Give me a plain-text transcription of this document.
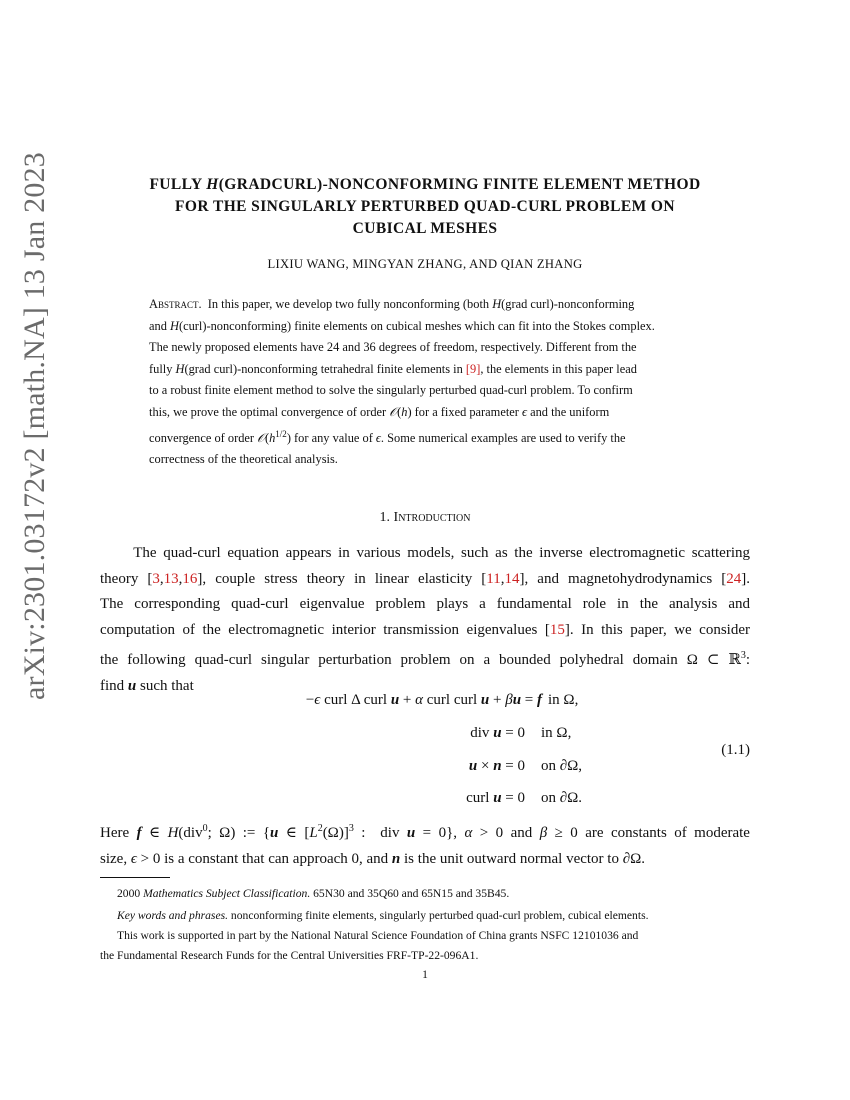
arXiv:2301.03172v2 [math.NA] 13 Jan 2023	FULLY H(GRADCURL)-NONCONFORMING FINITE ELEMENT METHOD
FOR THE SINGULARLY PERTURBED QUAD-CURL PROBLEM ON
CUBICAL MESHES
LIXIU WANG, MINGYAN ZHANG, AND QIAN ZHANG
Abstract.  In this paper, we develop two fully nonconforming (both H(grad curl)-nonconforming
and H(curl)-nonconforming) finite elements on cubical meshes which can fit into the Stokes complex.
The newly proposed elements have 24 and 36 degrees of freedom, respectively. Different from the
fully H(grad curl)-nonconforming tetrahedral finite elements in [9], the elements in this paper lead
to a robust finite element method to solve the singularly perturbed quad-curl problem. To confirm
this, we prove the optimal convergence of order 𝒪(h) for a fixed parameter ϵ and the uniform
convergence of order $𝒪(h^{1/2})$ for any value of ϵ. Some numerical examples are used to verify the
correctness of the theoretical analysis.
1. Introduction
The quad-curl equation appears in various models, such as the inverse electromagnetic scattering
theory [3,13,16], couple stress theory in linear elasticity [11,14], and magnetohydrodynamics [24].
The corresponding quad-curl eigenvalue problem plays a fundamental role in the analysis and
computation of the electromagnetic interior transmission eigenvalues [15]. In this paper, we consider
the following quad-curl singular perturbation problem on a bounded polyhedral domain Ω ⊂ ℝ$^3$:
find u such that
−ϵ curl Δ curl u + α curl curl u + βu = f in Ω,
div u = 0 in Ω,
u × n = 0 on ∂Ω,
curl u = 0 on ∂Ω.
(1.1)
Here f ∈ H(div$^0$; Ω) := {u ∈ $[L^2(\Omega)]^3$ :  div u = 0}, α > 0 and β ≥ 0 are constants of moderate
size, ϵ > 0 is a constant that can approach 0, and n is the unit outward normal vector to ∂Ω.
2000 Mathematics Subject Classification. 65N30 and 35Q60 and 65N15 and 35B45.
Key words and phrases. nonconforming finite elements, singularly perturbed quad-curl problem, cubical elements.
This work is supported in part by the National Natural Science Foundation of China grants NSFC 12101036 and
the Fundamental Research Funds for the Central Universities FRF-TP-22-096A1.
1
